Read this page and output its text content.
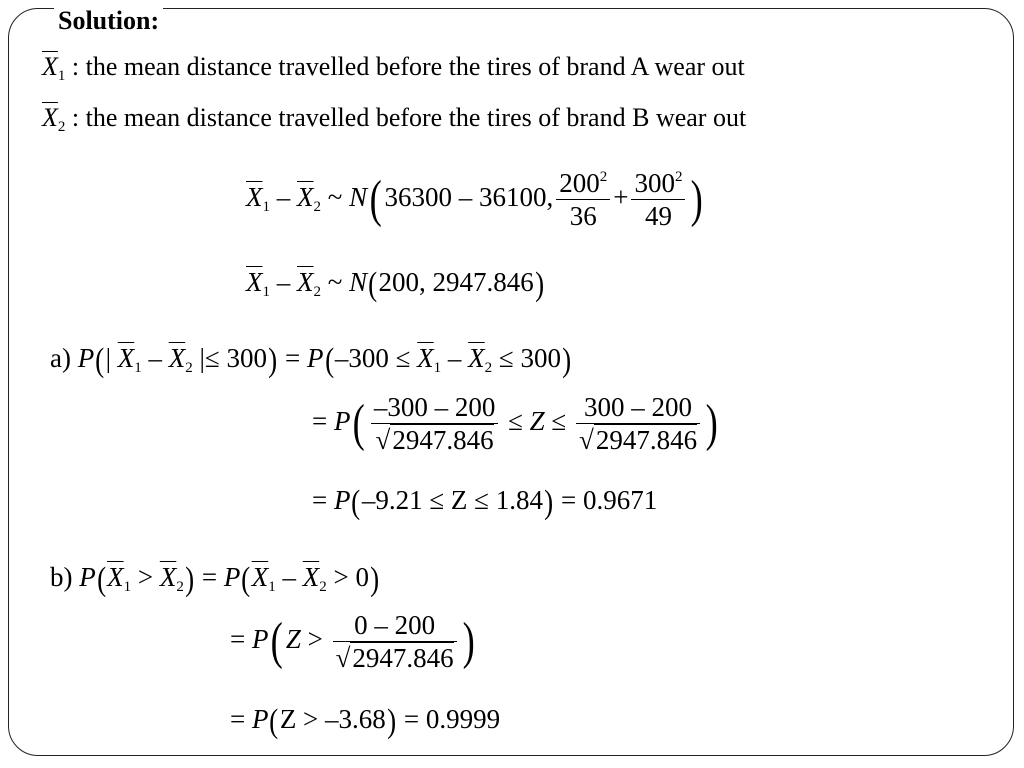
Solution:
$\overline{X}_1$ : the mean distance travelled before the tires of brand A wear out
$\overline{X}_2$ : the mean distance travelled before the tires of brand B wear out
$\overline{X}_1 - \overline{X}_2$ ~ N(36300 – 36100, $\frac{200^2}{36} + \frac{300^2}{49}$ )
$\overline{X}_1 - \overline{X}_2$ ~ N(200, 2947.846)
a) P(| $\overline{X}_1 - \overline{X}_2$ |≤ $300) = P(-300 \le \overline{X}_1 - \overline{X}_2 \le 300)$
= $P( \frac{-300 - 200}{√2947.846} \le Z \le \frac{300 - 200}{√2947.846}$ )
= P(–9.21 ≤ Z ≤ 1.84) = 0.9671
b) $P(\overline{X}_1 > \overline{X}_2) = P(\overline{X}_1 - \overline{X}_2 > 0)$
= $P(Z > \frac{0 - 200}{√2947.846}$ )
= P(Z > –3.68) = 0.9999
